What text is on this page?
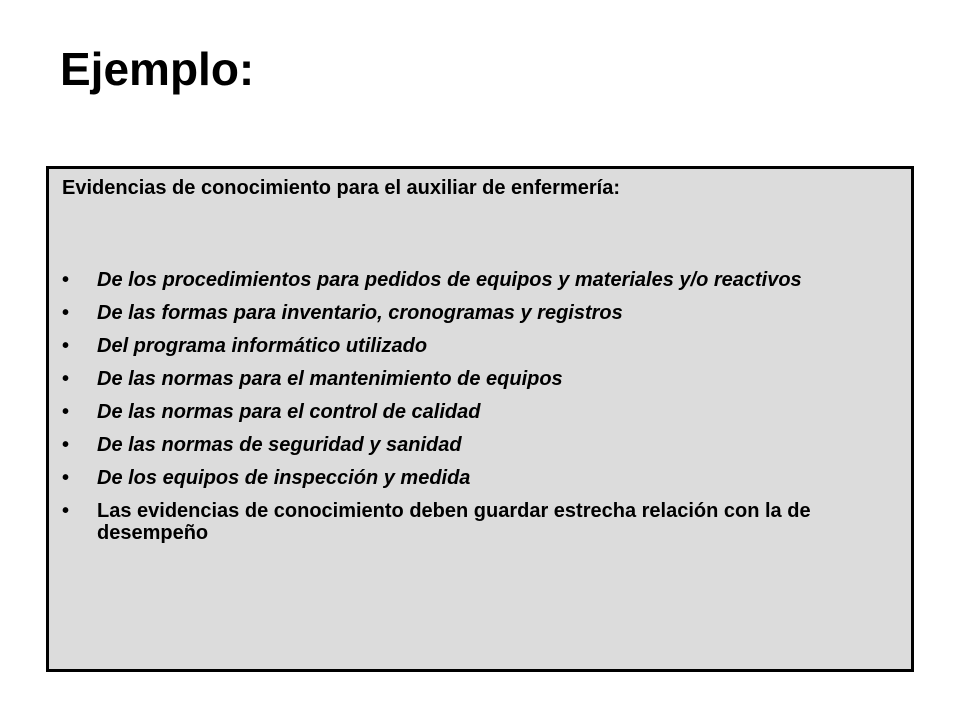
Ejemplo:

Evidencias de conocimiento para el auxiliar de enfermería:

• De los procedimientos para pedidos de equipos y materiales y/o reactivos
• De las formas para inventario, cronogramas y registros
• Del programa informático utilizado
• De las normas para el mantenimiento de equipos
• De las normas para el control de calidad
• De las normas de seguridad y sanidad
• De los equipos de inspección y medida
• Las evidencias de conocimiento deben guardar estrecha relación con la de desempeño
